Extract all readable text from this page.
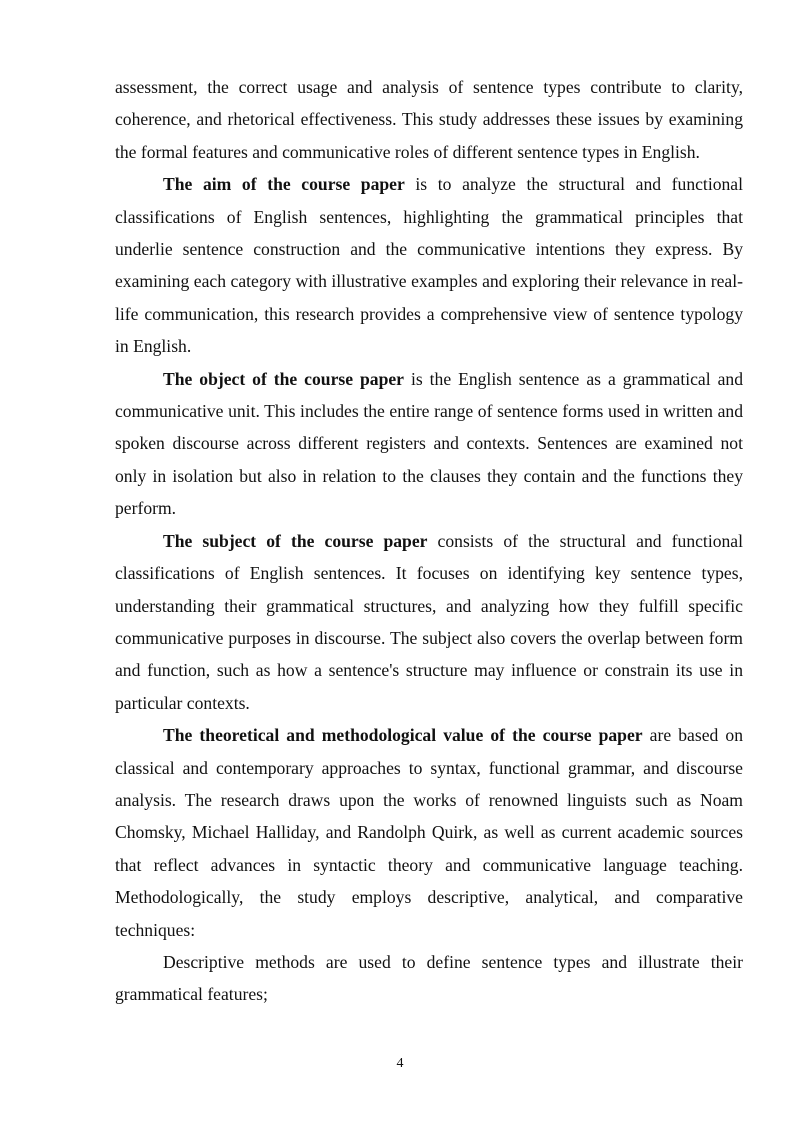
assessment, the correct usage and analysis of sentence types contribute to clarity, coherence, and rhetorical effectiveness. This study addresses these issues by examining the formal features and communicative roles of different sentence types in English.

The aim of the course paper is to analyze the structural and functional classifications of English sentences, highlighting the grammatical principles that underlie sentence construction and the communicative intentions they express. By examining each category with illustrative examples and exploring their relevance in real-life communication, this research provides a comprehensive view of sentence typology in English.

The object of the course paper is the English sentence as a grammatical and communicative unit. This includes the entire range of sentence forms used in written and spoken discourse across different registers and contexts. Sentences are examined not only in isolation but also in relation to the clauses they contain and the functions they perform.

The subject of the course paper consists of the structural and functional classifications of English sentences. It focuses on identifying key sentence types, understanding their grammatical structures, and analyzing how they fulfill specific communicative purposes in discourse. The subject also covers the overlap between form and function, such as how a sentence's structure may influence or constrain its use in particular contexts.

The theoretical and methodological value of the course paper are based on classical and contemporary approaches to syntax, functional grammar, and discourse analysis. The research draws upon the works of renowned linguists such as Noam Chomsky, Michael Halliday, and Randolph Quirk, as well as current academic sources that reflect advances in syntactic theory and communicative language teaching. Methodologically, the study employs descriptive, analytical, and comparative techniques:

Descriptive methods are used to define sentence types and illustrate their grammatical features;

4
